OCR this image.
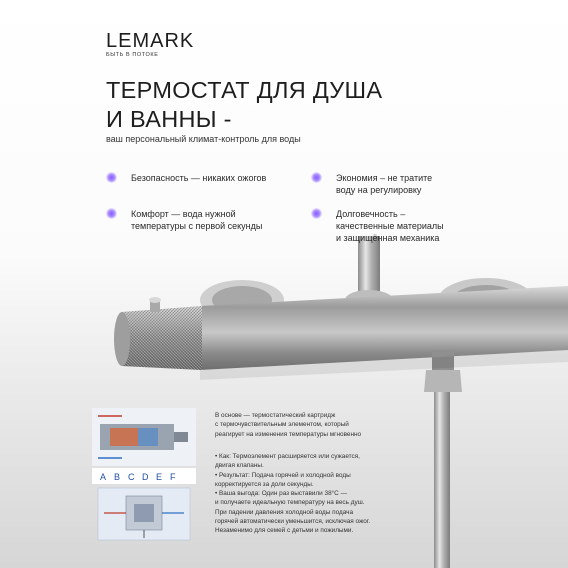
LEMARK
БЫТЬ В ПОТОКЕ
ТЕРМОСТАТ ДЛЯ ДУША
И ВАННЫ -
ваш персональный климат-контроль для воды
Безопасность — никаких ожогов	Экономия – не тратите
воду на регулировку
Комфорт — вода нужной
температуры с первой секунды
Долговечность –
качественные материалы
и защищённая механика
A B C D E F
В основе — термостатический картридж
с термочувствительным элементом, который
реагирует на изменения температуры мгновенно
• Как: Термоэлемент расширяется или сужается,
двигая клапаны.
• Результат: Подача горячей и холодной воды
корректируется за доли секунды.
• Ваша выгода: Один раз выставили 38°C —
и получаете идеальную температуру на весь душ.
При падении давления холодной воды подача
горячей автоматически уменьшится, исключая ожог.
Незаменимо для семей с детьми и пожилыми.
